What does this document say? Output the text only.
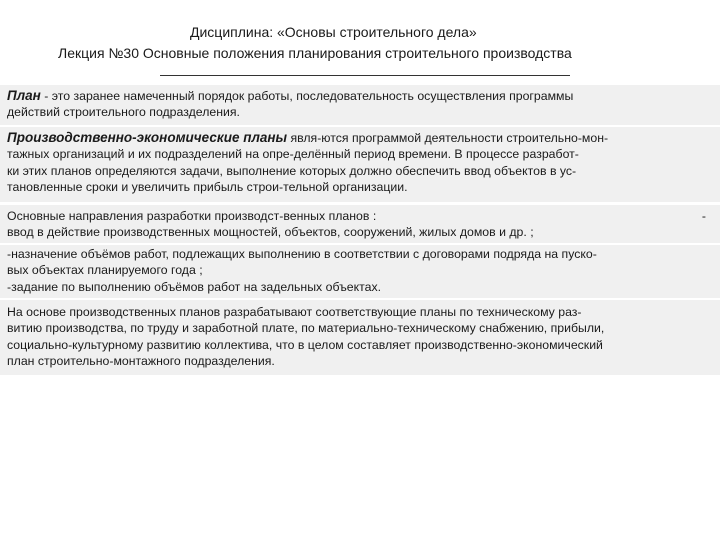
Дисциплина: «Основы строительного дела»
Лекция №30 Основные положения планирования строительного производства

План - это заранее намеченный порядок работы, последовательность осуществления программы
действий строительного подразделения.

Производственно-экономические планы явля-ются программой деятельности строительно-мон-
тажных организаций и их подразделений на опре-делённый период времени. В процессе разработ-
ки этих планов определяются задачи, выполнение которых должно обеспечить ввод объектов в ус-
тановленные сроки и увеличить прибыль строи-тельной организации.

Основные направления разработки производст-венных планов :	-
ввод в действие производственных мощностей, объектов, сооружений, жилых домов и др. ;

-назначение объёмов работ, подлежащих выполнению в соответствии с договорами подряда на пуско-
вых объектах планируемого года ;
-задание по выполнению объёмов работ на задельных объектах.

На основе производственных планов разрабатывают соответствующие планы по техническому раз-
витию производства, по труду и заработной плате, по материально-техническому снабжению, прибыли,
социально-культурному развитию коллектива, что в целом составляет производственно-экономический
план строительно-монтажного подразделения.
